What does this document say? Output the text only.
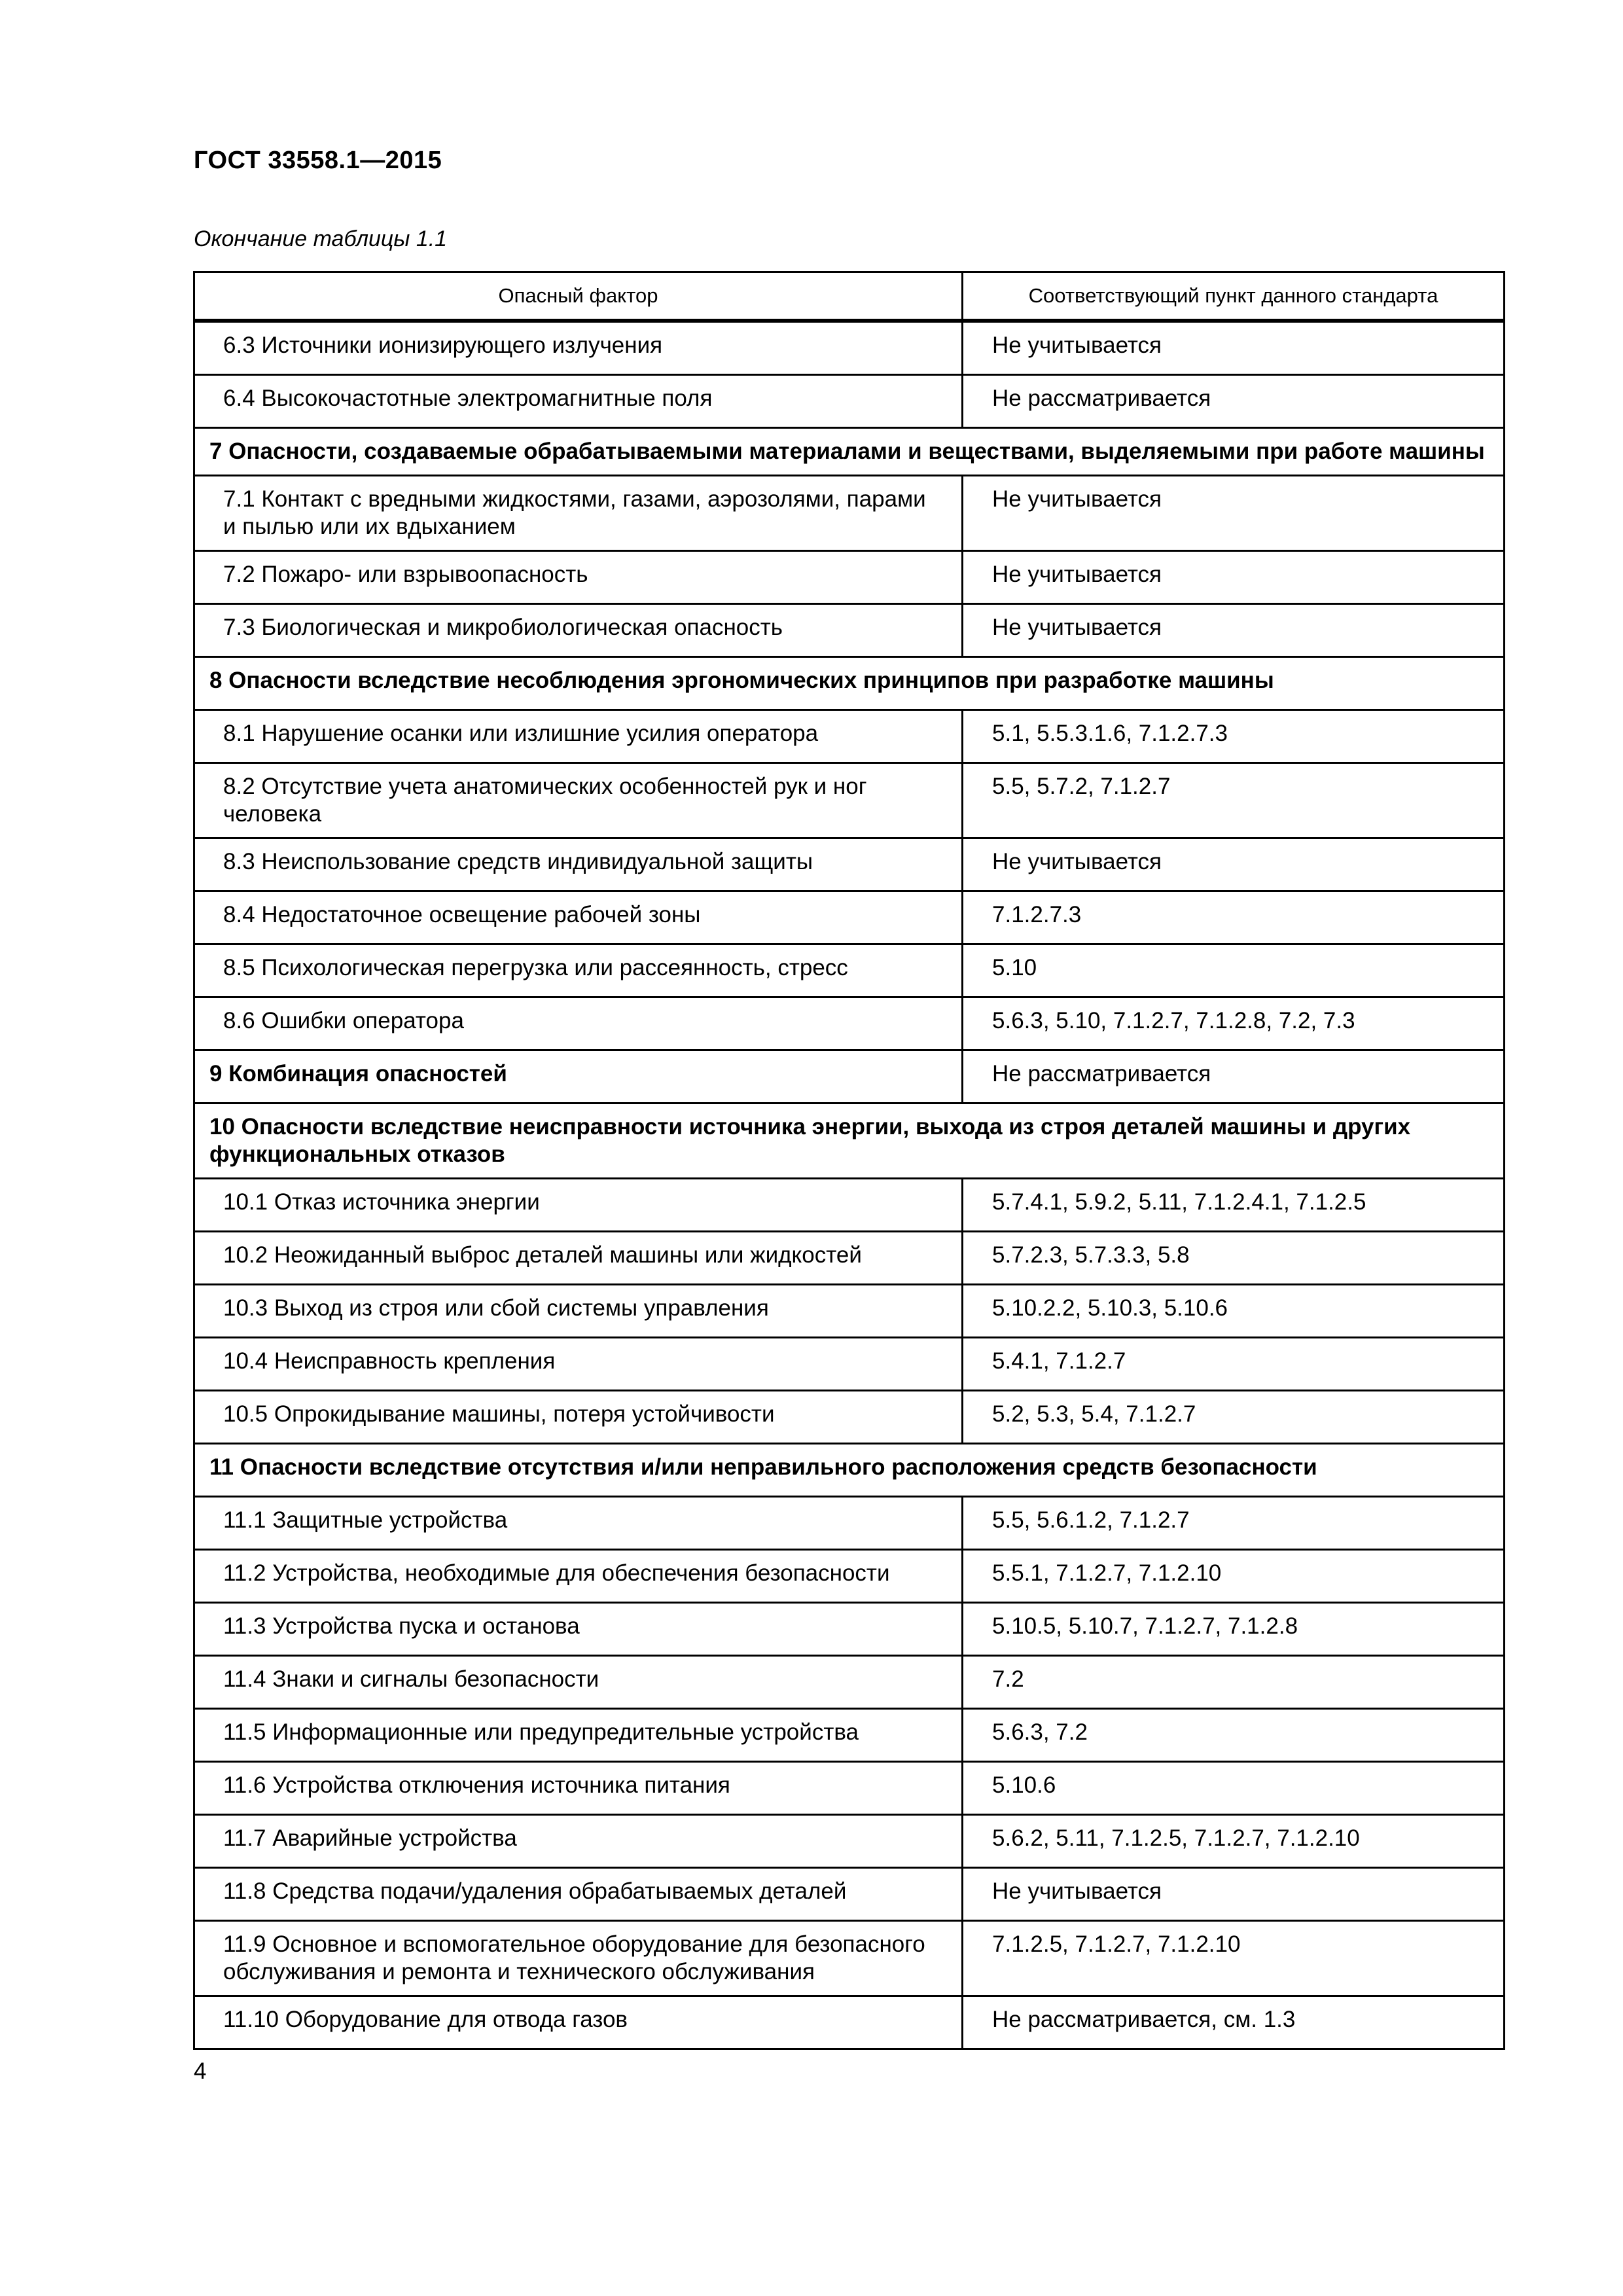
ГОСТ 33558.1—2015
Окончание таблицы 1.1
Опасный фактор	Соответствующий пункт данного стандарта
6.3 Источники ионизирующего излучения	Не учитывается
6.4 Высокочастотные электромагнитные поля	Не рассматривается
7 Опасности, создаваемые обрабатываемыми материалами и веществами, выделяемыми при работе машины	
7.1 Контакт с вредными жидкостями, газами, аэрозолями, парами и пылью или их вдыханием	Не учитывается
7.2 Пожаро- или взрывоопасность	Не учитывается
7.3 Биологическая и микробиологическая опасность	Не учитывается
8 Опасности вследствие несоблюдения эргономических принципов при разработке машины	
8.1 Нарушение осанки или излишние усилия оператора	5.1, 5.5.3.1.6, 7.1.2.7.3
8.2 Отсутствие учета анатомических особенностей рук и ног человека	5.5, 5.7.2, 7.1.2.7
8.3 Неиспользование средств индивидуальной защиты	Не учитывается
8.4 Недостаточное освещение рабочей зоны	7.1.2.7.3
8.5 Психологическая перегрузка или рассеянность, стресс	5.10
8.6 Ошибки оператора	5.6.3, 5.10, 7.1.2.7, 7.1.2.8, 7.2, 7.3
9 Комбинация опасностей	Не рассматривается
10 Опасности вследствие неисправности источника энергии, выхода из строя деталей машины и других функциональных отказов	
10.1 Отказ источника энергии	5.7.4.1, 5.9.2, 5.11, 7.1.2.4.1, 7.1.2.5
10.2 Неожиданный выброс деталей машины или жидкостей	5.7.2.3, 5.7.3.3, 5.8
10.3 Выход из строя или сбой системы управления	5.10.2.2, 5.10.3, 5.10.6
10.4 Неисправность крепления	5.4.1, 7.1.2.7
10.5 Опрокидывание машины, потеря устойчивости	5.2, 5.3, 5.4, 7.1.2.7
11 Опасности вследствие отсутствия и/или неправильного расположения средств безопасности	
11.1 Защитные устройства	5.5, 5.6.1.2, 7.1.2.7
11.2 Устройства, необходимые для обеспечения безопасности	5.5.1, 7.1.2.7, 7.1.2.10
11.3 Устройства пуска и останова	5.10.5, 5.10.7, 7.1.2.7, 7.1.2.8
11.4 Знаки и сигналы безопасности	7.2
11.5 Информационные или предупредительные устройства	5.6.3, 7.2
11.6 Устройства отключения источника питания	5.10.6
11.7 Аварийные устройства	5.6.2, 5.11, 7.1.2.5, 7.1.2.7, 7.1.2.10
11.8 Средства подачи/удаления обрабатываемых деталей	Не учитывается
11.9 Основное и вспомогательное оборудование для безопасного обслуживания и ремонта и технического обслуживания	7.1.2.5, 7.1.2.7, 7.1.2.10
11.10 Оборудование для отвода газов	Не рассматривается, см. 1.3
4
